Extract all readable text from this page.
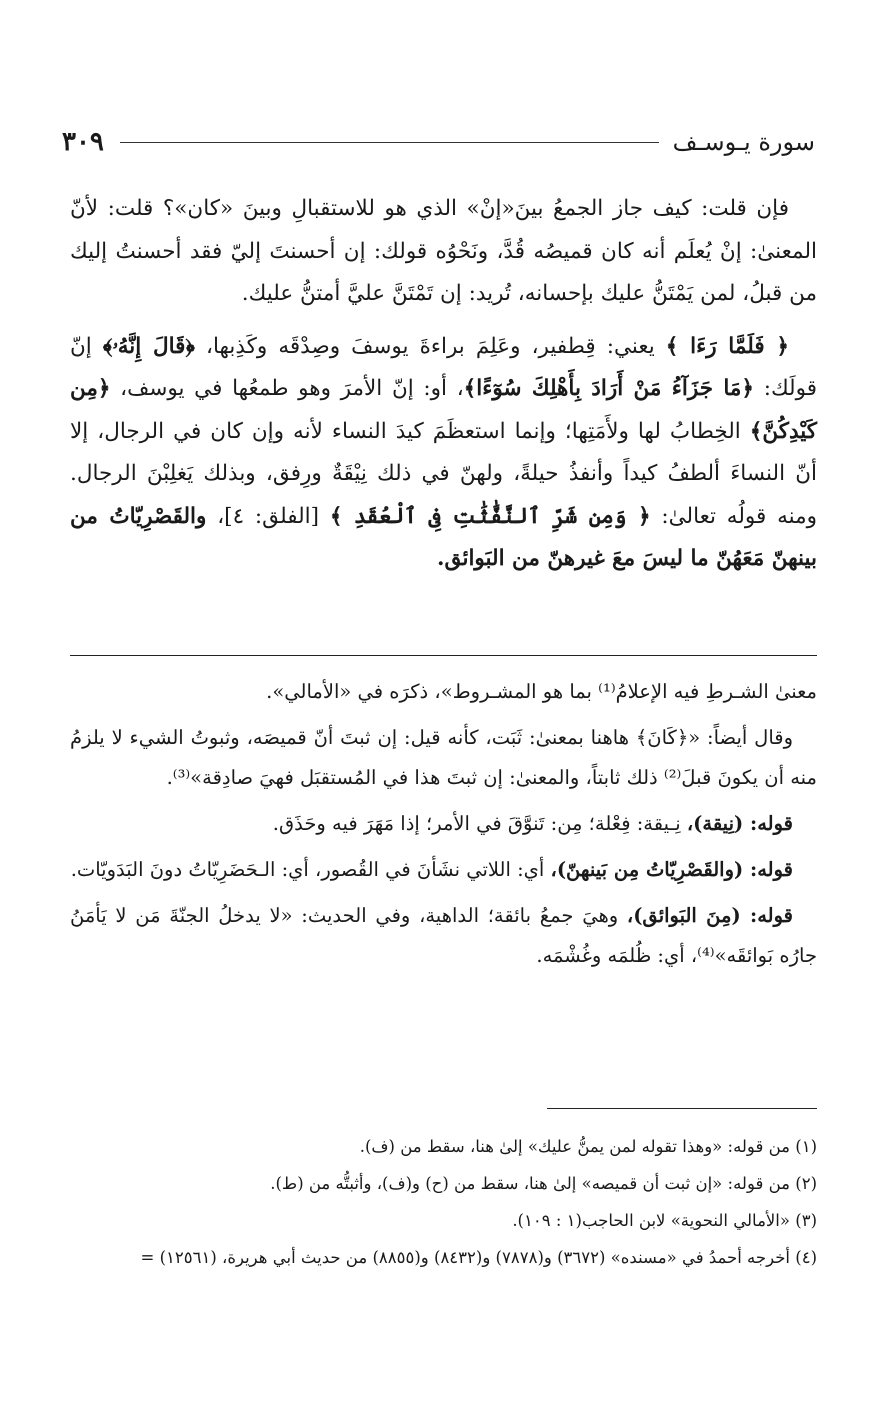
سورة يـوسـف
٣٠٩

فإن قلت: كيف جاز الجمعُ بينَ«إنْ» الذي هو للاستقبالِ وبينَ «كان»؟ قلت: لأنّ المعنىٰ: إنْ يُعلَم أنه كان قميصُه قُدَّ، ونَحْوُه قولك: إن أحسنتَ إليّ فقد أحسنتُ إليك من قبلُ، لمن يَمْتَنُّ عليك بإحسانه، تُريد: إن تَمْتَنَّ عليَّ أمتنُّ عليك.

﴿ فَلَمَّا رَءَا ﴾ يعني: قِطفير، وعَلِمَ براءةَ يوسفَ وصِدْقَه وكَذِبها، ﴿قَالَ إِنَّهُۥ﴾ إنّ قولَك: ﴿مَا جَزَآءُ مَنْ أَرَادَ بِأَهْلِكَ سُوٓءًا﴾، أو: إنّ الأمرَ وهو طمعُها في يوسف، ﴿مِن كَيْدِكُنَّ﴾ الخِطابُ لها ولأَمَتِها؛ وإنما استعظَمَ كيدَ النساء لأنه وإن كان في الرجال، إلا أنّ النساءَ ألطفُ كيداً وأنفذُ حيلةً، ولهنّ في ذلك نِيْقَةٌ ورِفق، وبذلك يَغلِبْنَ الرجال. ومنه قولُه تعالىٰ: ﴿ وَمِن شَرِّ ٱلنَّفَّٰثَٰتِ فِى ٱلْعُقَدِ ﴾ [الفلق: ٤]، والقَصْرِيّاتُ من بينهنّ مَعَهُنّ ما ليسَ معَ غيرهنّ من البَوائق.

معنىٰ الشـرطِ فيه الإعلامُ⁽¹⁾ بما هو المشـروط»، ذكرَه في «الأمالي».

وقال أيضاً: «﴿كَانَ﴾ هاهنا بمعنىٰ: ثَبَت، كأنه قيل: إن ثبتَ أنّ قميصَه، وثبوتُ الشيء لا يلزمُ منه أن يكونَ قبلَ⁽²⁾ ذلك ثابتاً، والمعنىٰ: إن ثبتَ هذا في المُستقبَل فهيَ صادِقة»⁽³⁾.

قوله: (نِيقة)، نِـيقة: فِعْلة؛ مِن: تَنوَّقَ في الأمر؛ إذا مَهَرَ فيه وحَذَق.

قوله: (والقَصْرِيّاتُ مِن بَينهنّ)، أي: اللاتي نشَأنَ في القُصور، أي: الـحَضَرِيّاتُ دونَ البَدَويّات.

قوله: (مِنَ البَوائق)، وهيَ جمعُ بائقة؛ الداهية، وفي الحديث: «لا يدخلُ الجنّةَ مَن لا يَأمَنُ جارُه بَوائقَه»⁽⁴⁾، أي: ظُلمَه وغُشْمَه.

(١) من قوله: «وهذا تقوله لمن يمنُّ عليك» إلىٰ هنا، سقط من (ف).
(٢) من قوله: «إن ثبت أن قميصه» إلىٰ هنا، سقط من (ح) و(ف)، وأثبتُّه من (ط).
(٣) «الأمالي النحوية» لابن الحاجب(١ : ١٠٩).
(٤) أخرجه أحمدُ في «مسنده» (٣٦٧٢) و(٧٨٧٨) و(٨٤٣٢) و(٨٨٥٥) من حديث أبي هريرة، (١٢٥٦١) =
